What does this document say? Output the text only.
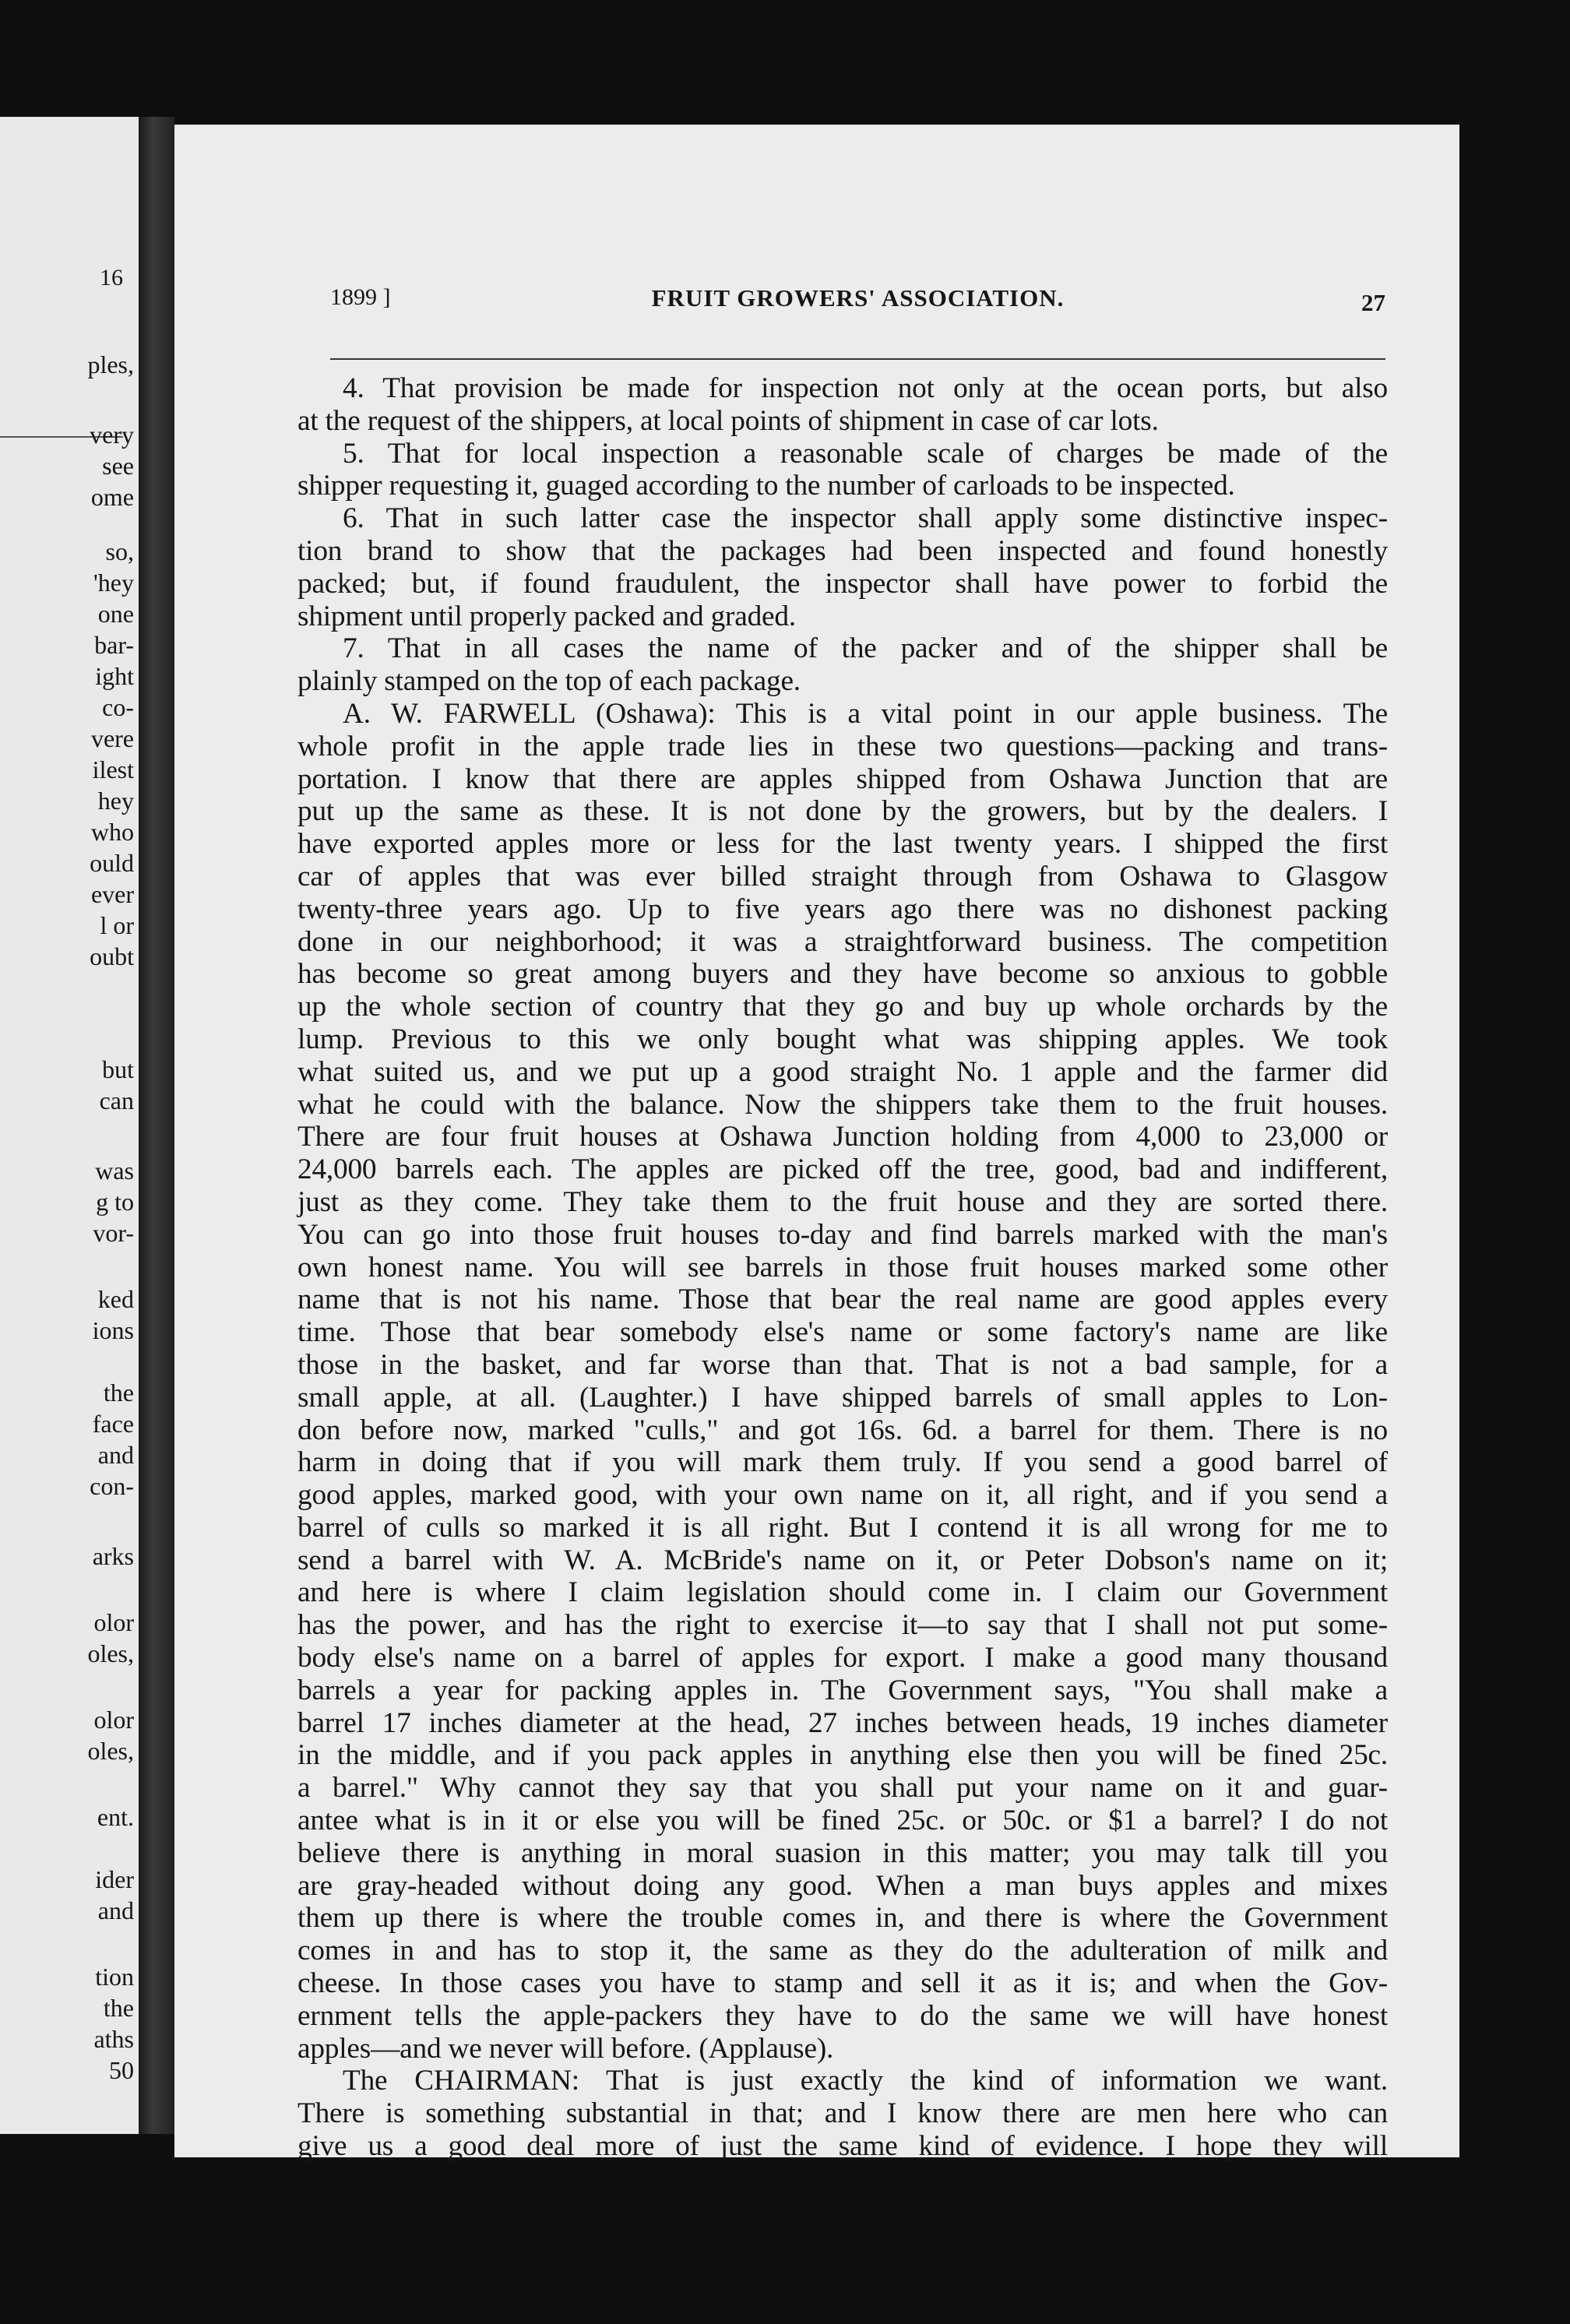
16
ples,
very
see
ome
so,
'hey
one
bar-
ight
co-
vere
ilest
hey
who
ould
ever
l or
oubt
but
can
was
g to
vor-
ked
ions
the
face
and
con-
arks
olor
oles,
olor
oles,
ent.
ider
and
tion
the
aths
50
1899 ]	FRUIT GROWERS' ASSOCIATION.	27
4. That provision be made for inspection not only at the ocean ports, but also
at the request of the shippers, at local points of shipment in case of car lots.
5. That for local inspection a reasonable scale of charges be made of the
shipper requesting it, guaged according to the number of carloads to be inspected.
6. That in such latter case the inspector shall apply some distinctive inspec-
tion brand to show that the packages had been inspected and found honestly
packed; but, if found fraudulent, the inspector shall have power to forbid the
shipment until properly packed and graded.
7. That in all cases the name of the packer and of the shipper shall be
plainly stamped on the top of each package.
A. W. FARWELL (Oshawa): This is a vital point in our apple business. The
whole profit in the apple trade lies in these two questions—packing and trans-
portation. I know that there are apples shipped from Oshawa Junction that are
put up the same as these. It is not done by the growers, but by the dealers. I
have exported apples more or less for the last twenty years. I shipped the first
car of apples that was ever billed straight through from Oshawa to Glasgow
twenty-three years ago. Up to five years ago there was no dishonest packing
done in our neighborhood; it was a straightforward business. The competition
has become so great among buyers and they have become so anxious to gobble
up the whole section of country that they go and buy up whole orchards by the
lump. Previous to this we only bought what was shipping apples. We took
what suited us, and we put up a good straight No. 1 apple and the farmer did
what he could with the balance. Now the shippers take them to the fruit houses.
There are four fruit houses at Oshawa Junction holding from 4,000 to 23,000 or
24,000 barrels each. The apples are picked off the tree, good, bad and indifferent,
just as they come. They take them to the fruit house and they are sorted there.
You can go into those fruit houses to-day and find barrels marked with the man's
own honest name. You will see barrels in those fruit houses marked some other
name that is not his name. Those that bear the real name are good apples every
time. Those that bear somebody else's name or some factory's name are like
those in the basket, and far worse than that. That is not a bad sample, for a
small apple, at all. (Laughter.) I have shipped barrels of small apples to Lon-
don before now, marked "culls," and got 16s. 6d. a barrel for them. There is no
harm in doing that if you will mark them truly. If you send a good barrel of
good apples, marked good, with your own name on it, all right, and if you send a
barrel of culls so marked it is all right. But I contend it is all wrong for me to
send a barrel with W. A. McBride's name on it, or Peter Dobson's name on it;
and here is where I claim legislation should come in. I claim our Government
has the power, and has the right to exercise it—to say that I shall not put some-
body else's name on a barrel of apples for export. I make a good many thousand
barrels a year for packing apples in. The Government says, "You shall make a
barrel 17 inches diameter at the head, 27 inches between heads, 19 inches diameter
in the middle, and if you pack apples in anything else then you will be fined 25c.
a barrel." Why cannot they say that you shall put your name on it and guar-
antee what is in it or else you will be fined 25c. or 50c. or $1 a barrel? I do not
believe there is anything in moral suasion in this matter; you may talk till you
are gray-headed without doing any good. When a man buys apples and mixes
them up there is where the trouble comes in, and there is where the Government
comes in and has to stop it, the same as they do the adulteration of milk and
cheese. In those cases you have to stamp and sell it as it is; and when the Gov-
ernment tells the apple-packers they have to do the same we will have honest
apples—and we never will before. (Applause).
The CHAIRMAN: That is just exactly the kind of information we want.
There is something substantial in that; and I know there are men here who can
give us a good deal more of just the same kind of evidence. I hope they will
